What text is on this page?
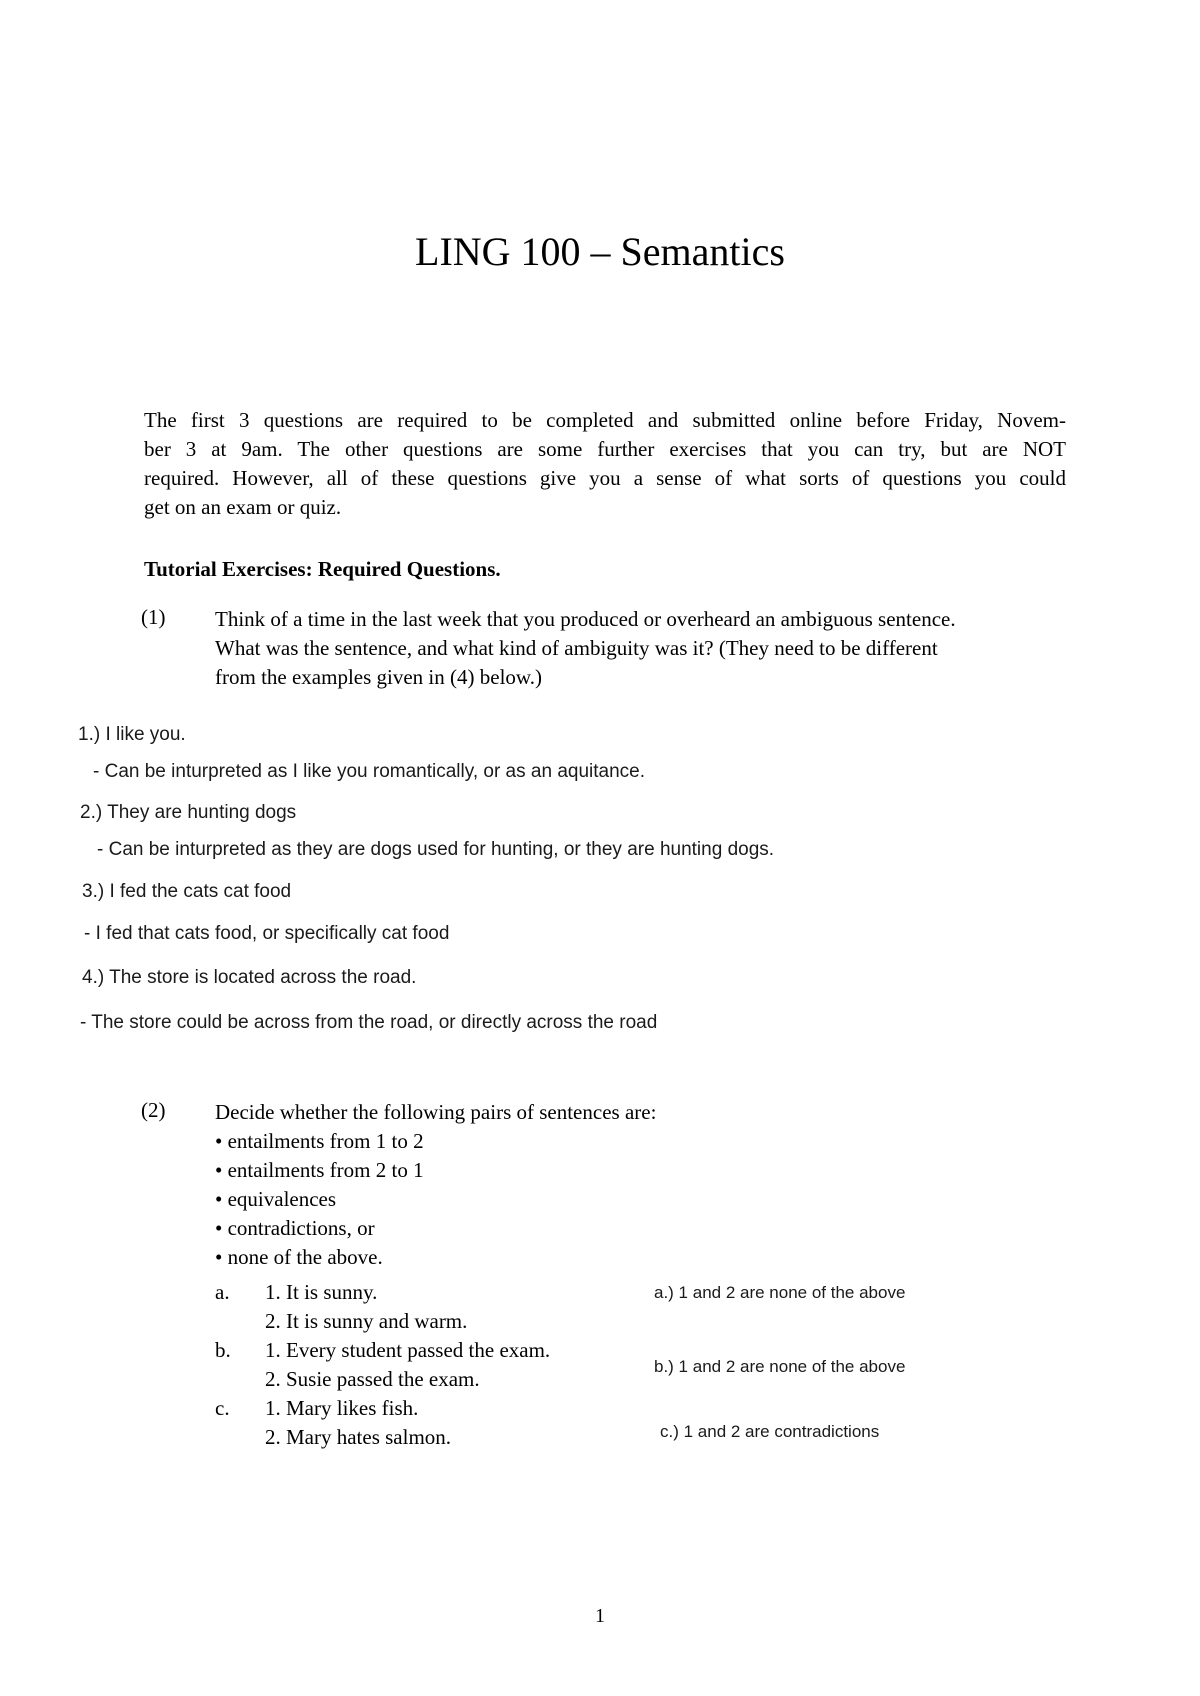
LING 100 – Semantics
The first 3 questions are required to be completed and submitted online before Friday, Novem-
ber 3 at 9am. The other questions are some further exercises that you can try, but are NOT
required. However, all of these questions give you a sense of what sorts of questions you could
get on an exam or quiz.
Tutorial Exercises: Required Questions.
(1) Think of a time in the last week that you produced or overheard an ambiguous sentence.
What was the sentence, and what kind of ambiguity was it? (They need to be different
from the examples given in (4) below.)
1.) I like you.
- Can be inturpreted as I like you romantically, or as an aquitance.
2.) They are hunting dogs
- Can be inturpreted as they are dogs used for hunting, or they are hunting dogs.
3.) I fed the cats cat food
- I fed that cats food, or specifically cat food
4.) The store is located across the road.
- The store could be across from the road, or directly across the road
(2) Decide whether the following pairs of sentences are:
• entailments from 1 to 2
• entailments from 2 to 1
• equivalences
• contradictions, or
• none of the above.
a. 1. It is sunny.
2. It is sunny and warm.
a.) 1 and 2 are none of the above
b. 1. Every student passed the exam.
2. Susie passed the exam.
b.) 1 and 2 are none of the above
c. 1. Mary likes fish.
2. Mary hates salmon.	c.) 1 and 2 are contradictions
1
